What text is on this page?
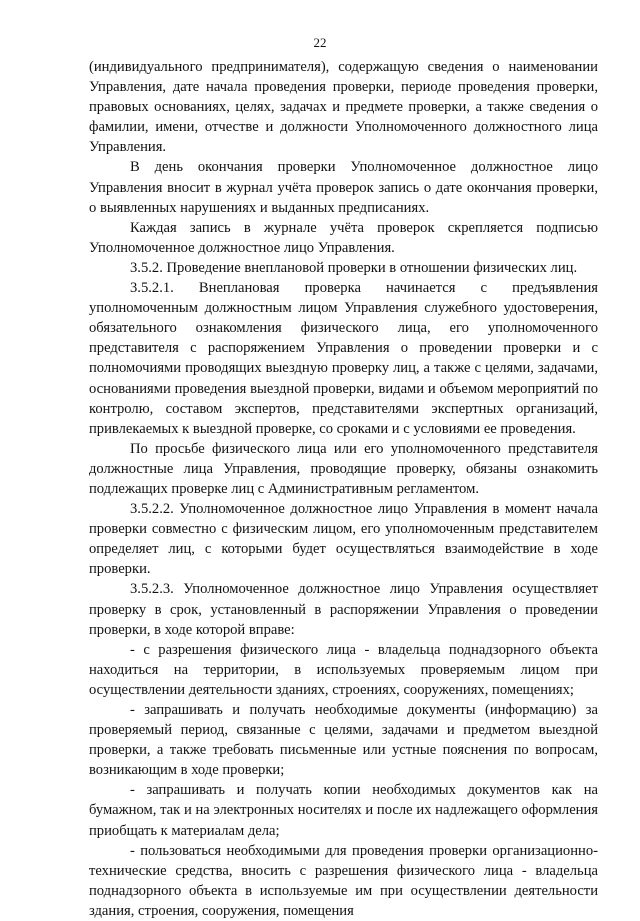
22

(индивидуального предпринимателя), содержащую сведения о наименовании Управления, дате начала проведения проверки, периоде проведения проверки, правовых основаниях, целях, задачах и предмете проверки, а также сведения о фамилии, имени, отчестве и должности Уполномоченного должностного лица Управления.

В день окончания проверки Уполномоченное должностное лицо Управления вносит в журнал учёта проверок запись о дате окончания проверки, о выявленных нарушениях и выданных предписаниях.

Каждая запись в журнале учёта проверок скрепляется подписью Уполномоченное должностное лицо Управления.

3.5.2. Проведение внеплановой проверки в отношении физических лиц.

3.5.2.1. Внеплановая проверка начинается с предъявления уполномоченным должностным лицом Управления служебного удостоверения, обязательного ознакомления физического лица, его уполномоченного представителя с распоряжением Управления о проведении проверки и с полномочиями проводящих выездную проверку лиц, а также с целями, задачами, основаниями проведения выездной проверки, видами и объемом мероприятий по контролю, составом экспертов, представителями экспертных организаций, привлекаемых к выездной проверке, со сроками и с условиями ее проведения.

По просьбе физического лица или его уполномоченного представителя должностные лица Управления, проводящие проверку, обязаны ознакомить подлежащих проверке лиц с Административным регламентом.

3.5.2.2. Уполномоченное должностное лицо Управления в момент начала проверки совместно с физическим лицом, его уполномоченным представителем определяет лиц, с которыми будет осуществляться взаимодействие в ходе проверки.

3.5.2.3. Уполномоченное должностное лицо Управления осуществляет проверку в срок, установленный в распоряжении Управления о проведении проверки, в ходе которой вправе:

- с разрешения физического лица - владельца поднадзорного объекта находиться на территории, в используемых проверяемым лицом при осуществлении деятельности зданиях, строениях, сооружениях, помещениях;

- запрашивать и получать необходимые документы (информацию) за проверяемый период, связанные с целями, задачами и предметом выездной проверки, а также требовать письменные или устные пояснения по вопросам, возникающим в ходе проверки;

- запрашивать и получать копии необходимых документов как на бумажном, так и на электронных носителях и после их надлежащего оформления приобщать к материалам дела;

- пользоваться необходимыми для проведения проверки организационно-технические средства, вносить с разрешения физического лица - владельца поднадзорного объекта в используемые им при осуществлении деятельности здания, строения, сооружения, помещения
